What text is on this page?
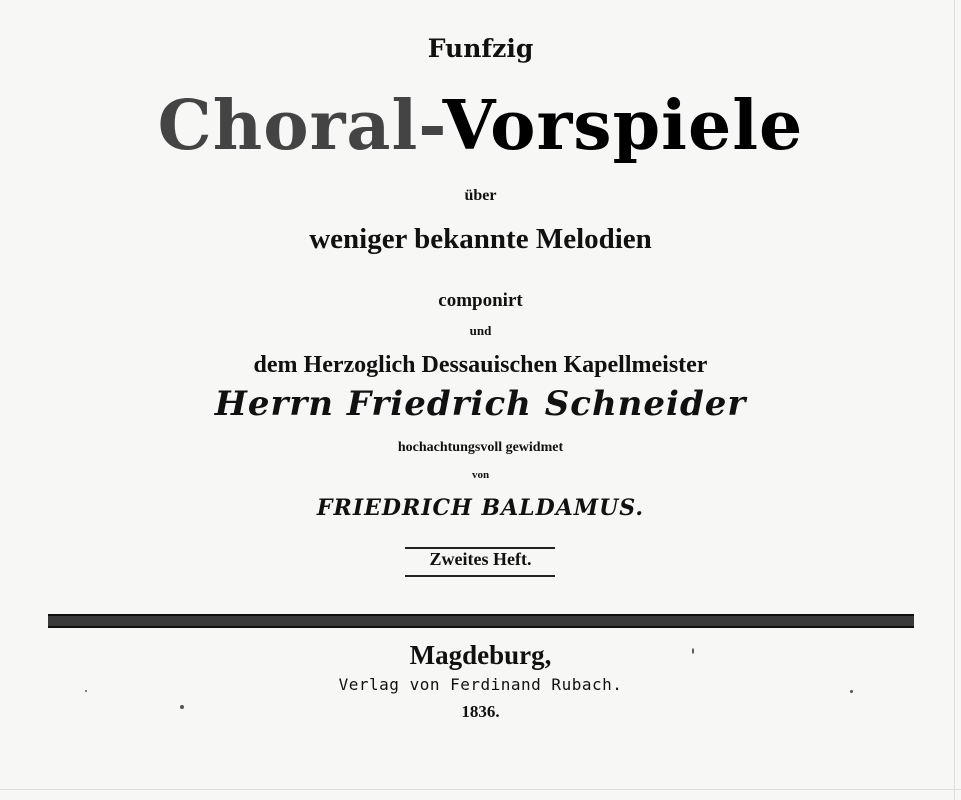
Funfzig
Choral-Vorspiele
über
weniger bekannte Melodien
componirt
und
dem Herzoglich Dessauischen Kapellmeister
Herrn Friedrich Schneider
hochachtungsvoll gewidmet
von
FRIEDRICH BALDAMUS.
Zweites Heft.
Magdeburg,
Verlag von Ferdinand Rubach.
1836.
